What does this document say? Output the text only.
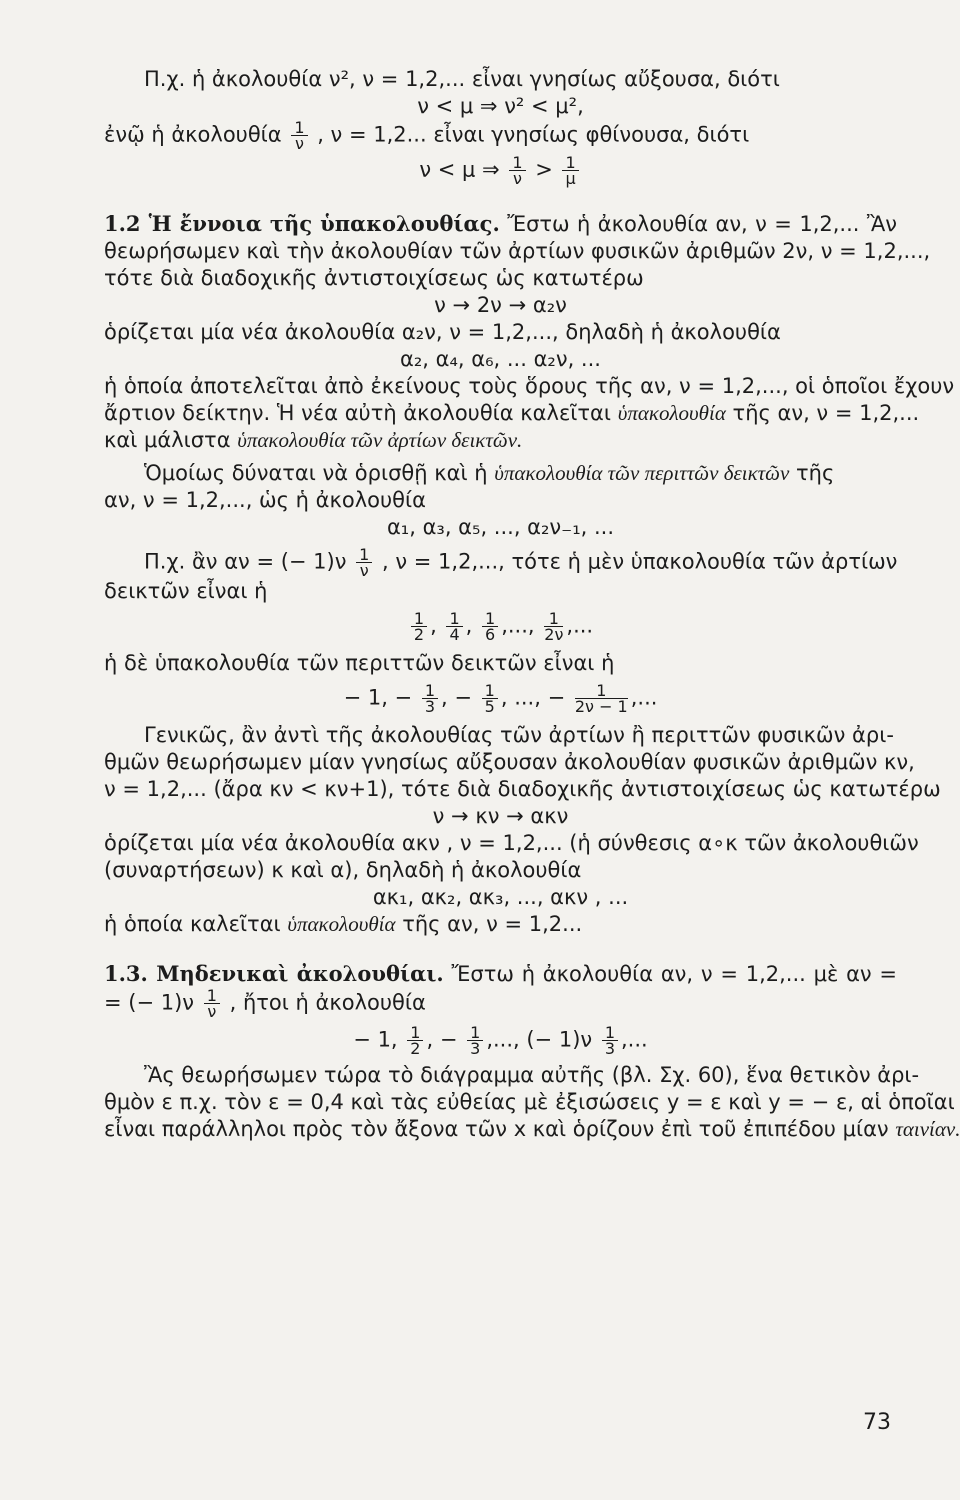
Π.χ. ἡ ἀκολουθία ν², ν = 1,2,... εἶναι γνησίως αὔξουσα, διότι

ν < μ ⇒ ν² < μ²,

ἐνῷ ἡ ἀκολουθία $\frac{1}{\nu}$ , ν = 1,2... εἶναι γνησίως φθίνουσα, διότι

ν < μ ⇒ $\frac{1}{\nu} > \frac{1}{\mu}$

1.2 Ἡ ἔννοια τῆς ὑπακολουθίας. Ἔστω ἡ ἀκολουθία αν, ν = 1,2,... Ἂν

θεωρήσωμεν καὶ τὴν ἀκολουθίαν τῶν ἀρτίων φυσικῶν ἀριθμῶν 2ν, ν = 1,2,...,

τότε διὰ διαδοχικῆς ἀντιστοιχίσεως ὡς κατωτέρω

ν → 2ν → α₂ν

ὁρίζεται μία νέα ἀκολουθία α₂ν, ν = 1,2,..., δηλαδὴ ἡ ἀκολουθία

α₂, α₄, α₆, ... α₂ν, ...

ἡ ὁποία ἀποτελεῖται ἀπὸ ἐκείνους τοὺς ὅρους τῆς αν, ν = 1,2,..., οἱ ὁποῖοι ἔχουν

ἄρτιον δείκτην. Ἡ νέα αὐτὴ ἀκολουθία καλεῖται ὑπακολουθία τῆς αν, ν = 1,2,...

καὶ μάλιστα ὑπακολουθία τῶν ἀρτίων δεικτῶν.

Ὁμοίως δύναται νὰ ὁρισθῇ καὶ ἡ ὑπακολουθία τῶν περιττῶν δεικτῶν τῆς

αν, ν = 1,2,..., ὡς ἡ ἀκολουθία

α₁, α₃, α₅, ..., α₂ν₋₁, ...

Π.χ. ἂν αν = (− $1)\nu \frac{1}{\nu}$ , ν = 1,2,..., τότε ἡ μὲν ὑπακολουθία τῶν ἀρτίων

δεικτῶν εἶναι ἡ

$\frac{1}{2}$ , $\frac{1}{4}$ , $\frac{1}{6}$ ,..., $\frac{1}{2\nu}$ ,...

ἡ δὲ ὑπακολουθία τῶν περιττῶν δεικτῶν εἶναι ἡ

− 1, − $\frac{1}{3}$ , − $\frac{1}{5}$ , ..., − $\frac{1}{2\nu - 1}$ ,...

Γενικῶς, ἂν ἀντὶ τῆς ἀκολουθίας τῶν ἀρτίων ἢ περιττῶν φυσικῶν ἀρι-

θμῶν θεωρήσωμεν μίαν γνησίως αὔξουσαν ἀκολουθίαν φυσικῶν ἀριθμῶν κν,

ν = 1,2,... (ἄρα κν < κν+1), τότε διὰ διαδοχικῆς ἀντιστοιχίσεως ὡς κατωτέρω

ν → κν → ακν

ὁρίζεται μία νέα ἀκολουθία ακν , ν = 1,2,... (ἡ σύνθεσις α∘κ τῶν ἀκολουθιῶν

(συναρτήσεων) κ καὶ α), δηλαδὴ ἡ ἀκολουθία

ακ₁, ακ₂, ακ₃, ..., ακν , ...

ἡ ὁποία καλεῖται ὑπακολουθία τῆς αν, ν = 1,2...

1.3. Μηδενικαὶ ἀκολουθίαι. Ἔστω ἡ ἀκολουθία αν, ν = 1,2,... μὲ αν =

= (− $1)\nu \frac{1}{\nu}$ , ἤτοι ἡ ἀκολουθία

− 1, $\frac{1}{2}$ , − $\frac{1}{3}$ ,..., (− $1)\nu \frac{1}{3}$ ,...

Ἂς θεωρήσωμεν τώρα τὸ διάγραμμα αὐτῆς (βλ. Σχ. 60), ἕνα θετικὸν ἀρι-

θμὸν ε π.χ. τὸν ε = 0,4 καὶ τὰς εὐθείας μὲ ἐξισώσεις y = ε καὶ y = − ε, αἱ ὁποῖαι

εἶναι παράλληλοι πρὸς τὸν ἄξονα τῶν x καὶ ὁρίζουν ἐπὶ τοῦ ἐπιπέδου μίαν ταινίαν.

73
